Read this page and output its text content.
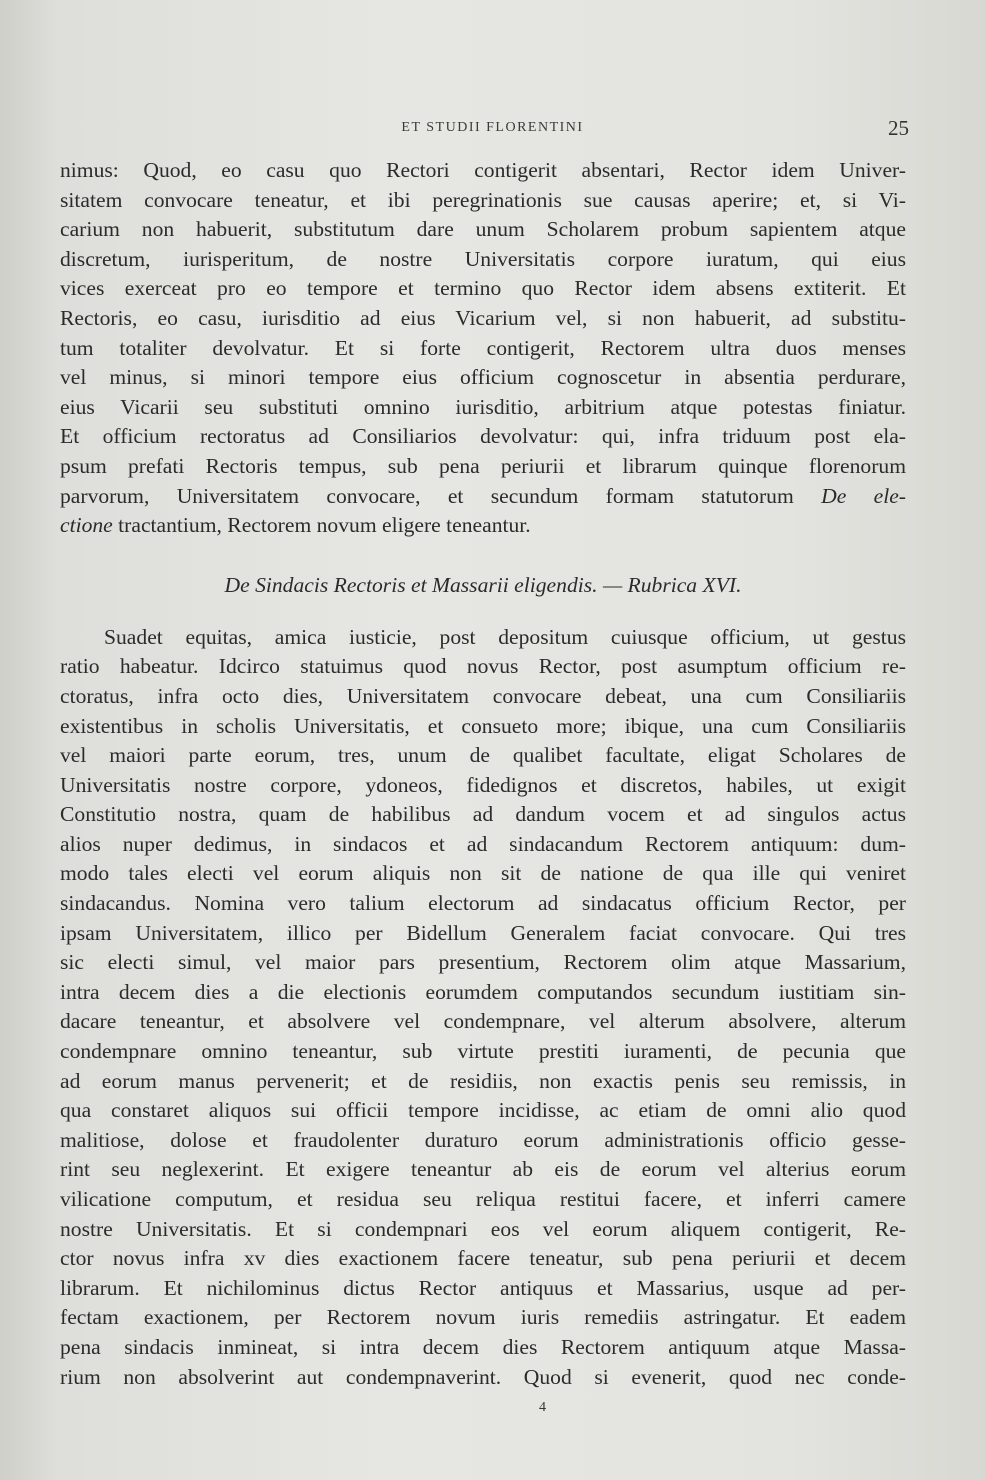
ET STUDII FLORENTINI	25
nimus: Quod, eo casu quo Rectori contigerit absentari, Rector idem Univer-
sitatem convocare teneatur, et ibi peregrinationis sue causas aperire; et, si Vi-
carium non habuerit, substitutum dare unum Scholarem probum sapientem atque
discretum, iurisperitum, de nostre Universitatis corpore iuratum, qui eius
vices exerceat pro eo tempore et termino quo Rector idem absens extiterit. Et
Rectoris, eo casu, iurisditio ad eius Vicarium vel, si non habuerit, ad substitu-
tum totaliter devolvatur. Et si forte contigerit, Rectorem ultra duos menses
vel minus, si minori tempore eius officium cognoscetur in absentia perdurare,
eius Vicarii seu substituti omnino iurisditio, arbitrium atque potestas finiatur.
Et officium rectoratus ad Consiliarios devolvatur: qui, infra triduum post ela-
psum prefati Rectoris tempus, sub pena periurii et librarum quinque florenorum
parvorum, Universitatem convocare, et secundum formam statutorum De ele-
ctione tractantium, Rectorem novum eligere teneantur.
De Sindacis Rectoris et Massarii eligendis. — Rubrica XVI.
Suadet equitas, amica iusticie, post depositum cuiusque officium, ut gestus
ratio habeatur. Idcirco statuimus quod novus Rector, post asumptum officium re-
ctoratus, infra octo dies, Universitatem convocare debeat, una cum Consiliariis
existentibus in scholis Universitatis, et consueto more; ibique, una cum Consiliariis
vel maiori parte eorum, tres, unum de qualibet facultate, eligat Scholares de
Universitatis nostre corpore, ydoneos, fidedignos et discretos, habiles, ut exigit
Constitutio nostra, quam de habilibus ad dandum vocem et ad singulos actus
alios nuper dedimus, in sindacos et ad sindacandum Rectorem antiquum: dum-
modo tales electi vel eorum aliquis non sit de natione de qua ille qui veniret
sindacandus. Nomina vero talium electorum ad sindacatus officium Rector, per
ipsam Universitatem, illico per Bidellum Generalem faciat convocare. Qui tres
sic electi simul, vel maior pars presentium, Rectorem olim atque Massarium,
intra decem dies a die electionis eorumdem computandos secundum iustitiam sin-
dacare teneantur, et absolvere vel condempnare, vel alterum absolvere, alterum
condempnare omnino teneantur, sub virtute prestiti iuramenti, de pecunia que
ad eorum manus pervenerit; et de residiis, non exactis penis seu remissis, in
qua constaret aliquos sui officii tempore incidisse, ac etiam de omni alio quod
malitiose, dolose et fraudolenter duraturo eorum administrationis officio gesse-
rint seu neglexerint. Et exigere teneantur ab eis de eorum vel alterius eorum
vilicatione computum, et residua seu reliqua restitui facere, et inferri camere
nostre Universitatis. Et si condempnari eos vel eorum aliquem contigerit, Re-
ctor novus infra xv dies exactionem facere teneatur, sub pena periurii et decem
librarum. Et nichilominus dictus Rector antiquus et Massarius, usque ad per-
fectam exactionem, per Rectorem novum iuris remediis astringatur. Et eadem
pena sindacis inmineat, si intra decem dies Rectorem antiquum atque Massa-
rium non absolverint aut condempnaverint. Quod si evenerit, quod nec conde-
4
